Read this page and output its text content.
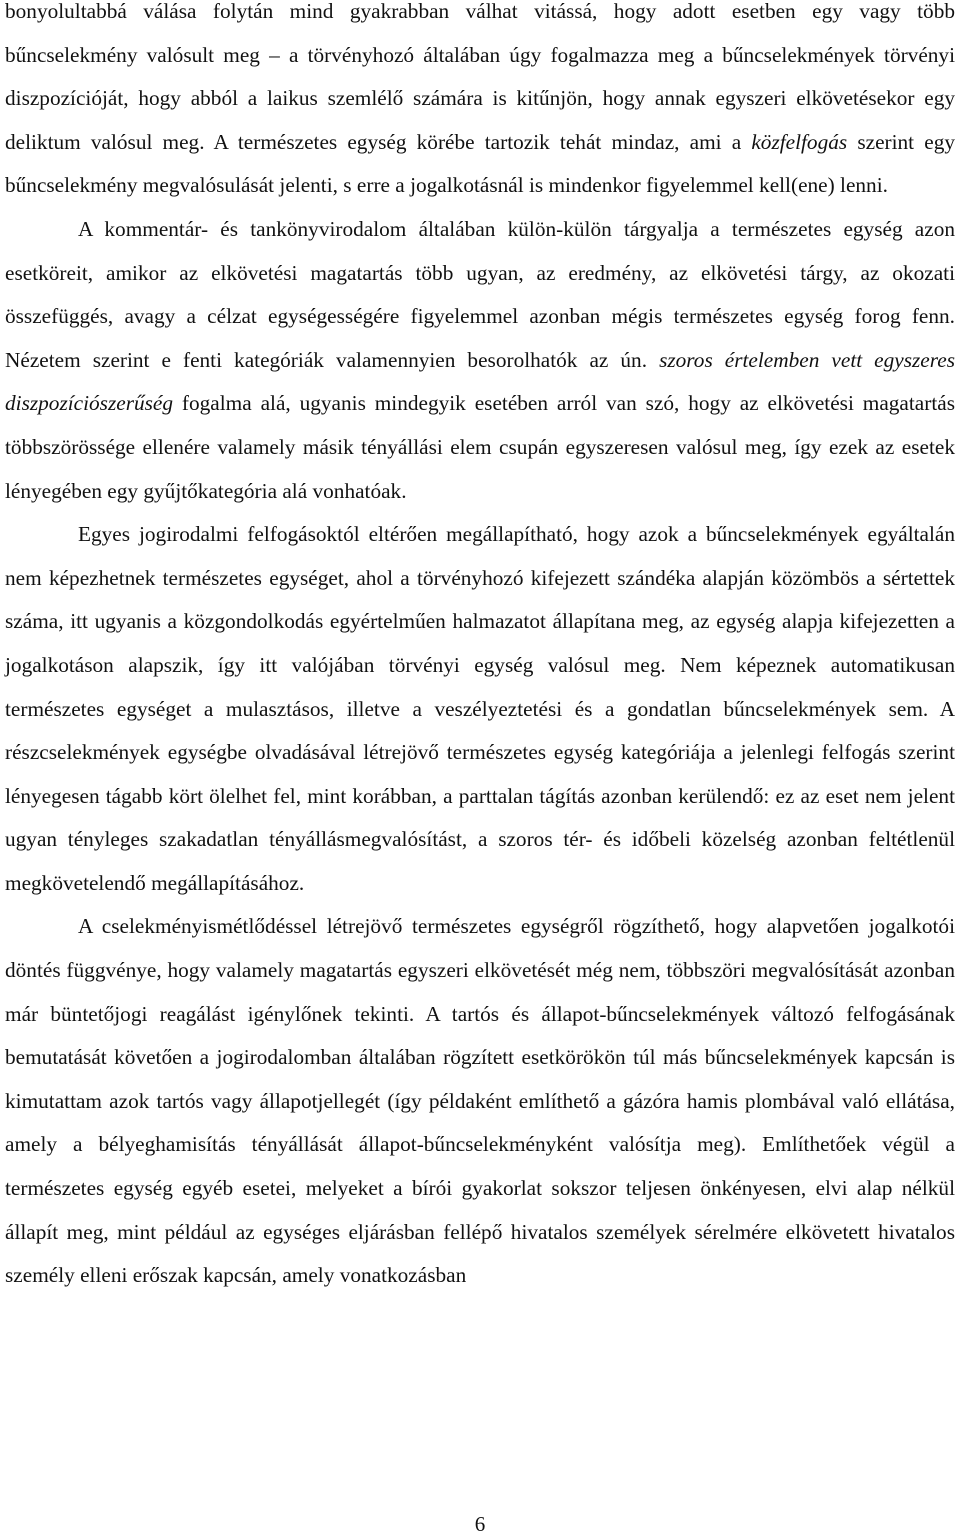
bonyolultabbá válása folytán mind gyakrabban válhat vitássá, hogy adott esetben egy vagy több bűncselekmény valósult meg – a törvényhozó általában úgy fogalmazza meg a bűncselekmények törvényi diszpozícióját, hogy abból a laikus szemlélő számára is kitűnjön, hogy annak egyszeri elkövetésekor egy deliktum valósul meg. A természetes egység körébe tartozik tehát mindaz, ami a közfelfogás szerint egy bűncselekmény megvalósulását jelenti, s erre a jogalkotásnál is mindenkor figyelemmel kell(ene) lenni.

A kommentár- és tankönyvirodalom általában külön-külön tárgyalja a természetes egység azon esetköreit, amikor az elkövetési magatartás több ugyan, az eredmény, az elkövetési tárgy, az okozati összefüggés, avagy a célzat egységességére figyelemmel azonban mégis természetes egység forog fenn. Nézetem szerint e fenti kategóriák valamennyien besorolhatók az ún. szoros értelemben vett egyszeres diszpozíciószerűség fogalma alá, ugyanis mindegyik esetében arról van szó, hogy az elkövetési magatartás többszörössége ellenére valamely másik tényállási elem csupán egyszeresen valósul meg, így ezek az esetek lényegében egy gyűjtőkategória alá vonhatóak.

Egyes jogirodalmi felfogásoktól eltérően megállapítható, hogy azok a bűncselekmények egyáltalán nem képezhetnek természetes egységet, ahol a törvényhozó kifejezett szándéka alapján közömbös a sértettek száma, itt ugyanis a közgondolkodás egyértelműen halmazatot állapítana meg, az egység alapja kifejezetten a jogalkotáson alapszik, így itt valójában törvényi egység valósul meg. Nem képeznek automatikusan természetes egységet a mulasztásos, illetve a veszélyeztetési és a gondatlan bűncselekmények sem. A részcselekmények egységbe olvadásával létrejövő természetes egység kategóriája a jelenlegi felfogás szerint lényegesen tágabb kört ölelhet fel, mint korábban, a parttalan tágítás azonban kerülendő: ez az eset nem jelent ugyan tényleges szakadatlan tényállásmegvalósítást, a szoros tér- és időbeli közelség azonban feltétlenül megkövetelendő megállapításához.

A cselekményismétlődéssel létrejövő természetes egységről rögzíthető, hogy alapvetően jogalkotói döntés függvénye, hogy valamely magatartás egyszeri elkövetését még nem, többszöri megvalósítását azonban már büntetőjogi reagálást igénylőnek tekinti. A tartós és állapot-bűncselekmények változó felfogásának bemutatását követően a jogirodalomban általában rögzített esetkörökön túl más bűncselekmények kapcsán is kimutattam azok tartós vagy állapotjellegét (így példaként említhető a gázóra hamis plombával való ellátása, amely a bélyeghamisítás tényállását állapot-bűncselekményként valósítja meg). Említhetőek végül a természetes egység egyéb esetei, melyeket a bírói gyakorlat sokszor teljesen önkényesen, elvi alap nélkül állapít meg, mint például az egységes eljárásban fellépő hivatalos személyek sérelmére elkövetett hivatalos személy elleni erőszak kapcsán, amely vonatkozásban

6
